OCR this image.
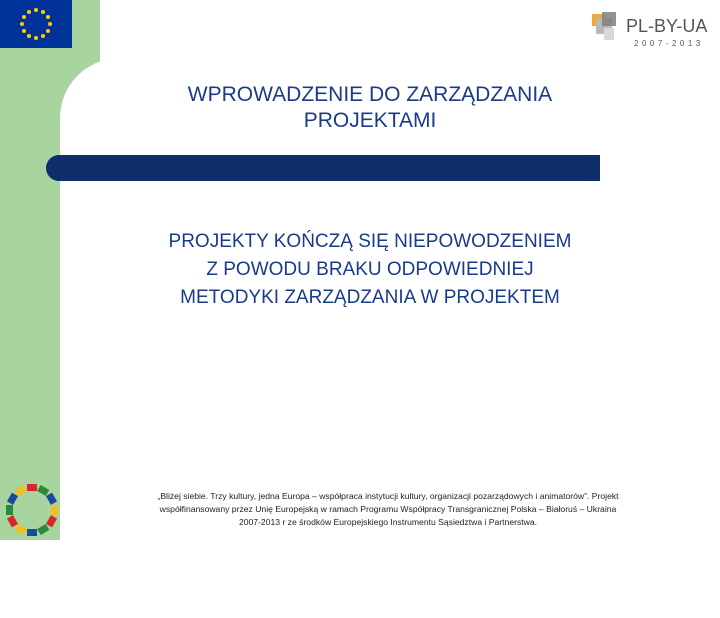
PL-BY-UA
2007-2013
WPROWADZENIE DO ZARZĄDZANIA
PROJEKTAMI
PROJEKTY KOŃCZĄ SIĘ NIEPOWODZENIEM
Z POWODU BRAKU ODPOWIEDNIEJ
METODYKI ZARZĄDZANIA W PROJEKTEM
„Bliżej siebie. Trzy kultury, jedna Europa – współpraca instytucji kultury, organizacji pozarządowych i animatorów”. Projekt
współfinansowany przez Unię Europejską w ramach Programu Współpracy Transgranicznej Polska – Białoruś – Ukraina
2007-2013 r ze środków Europejskiego Instrumentu Sąsiedztwa i Partnerstwa.
